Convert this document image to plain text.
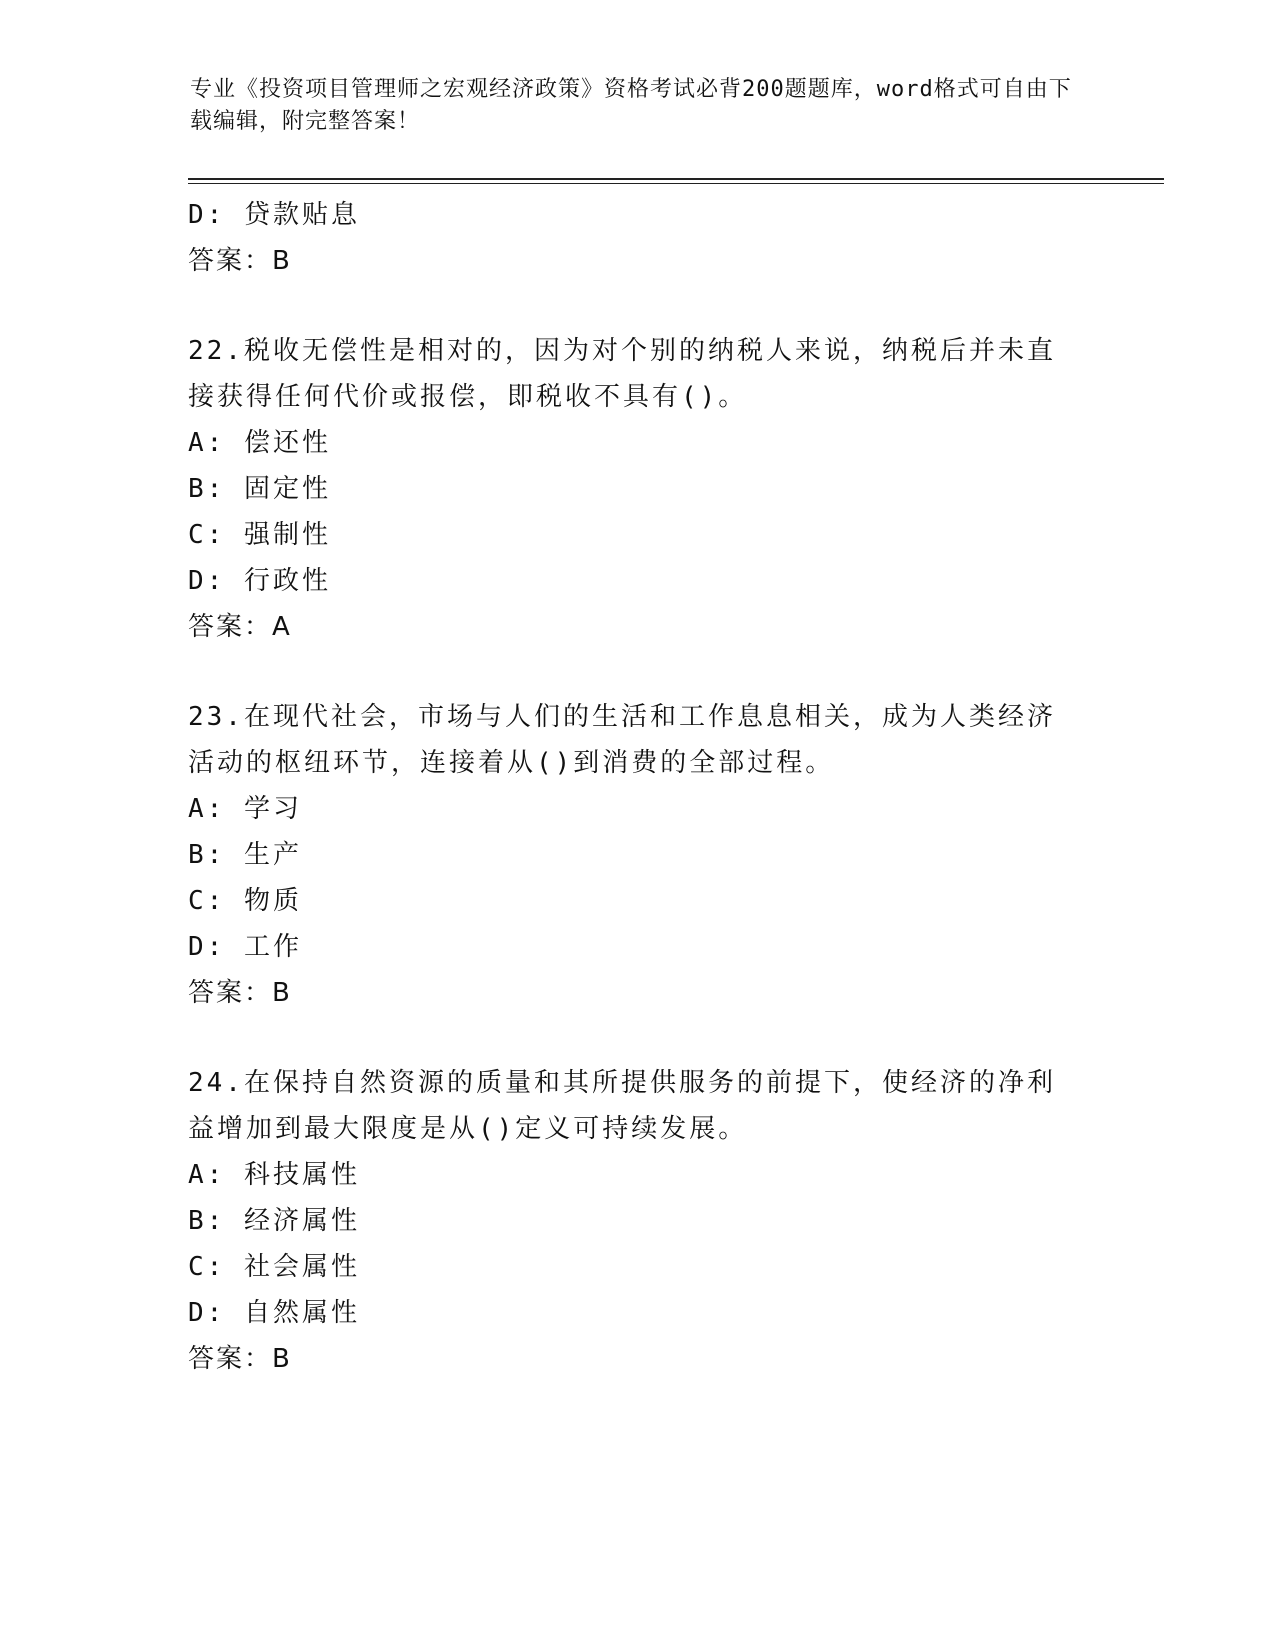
专业《投资项目管理师之宏观经济政策》资格考试必背200题题库，word格式可自由下载编辑，附完整答案！
D: 贷款贴息
答案：B
22.税收无偿性是相对的，因为对个别的纳税人来说，纳税后并未直接获得任何代价或报偿，即税收不具有()。
A: 偿还性
B: 固定性
C: 强制性
D: 行政性
答案：A
23.在现代社会，市场与人们的生活和工作息息相关，成为人类经济活动的枢纽环节，连接着从()到消费的全部过程。
A: 学习
B: 生产
C: 物质
D: 工作
答案：B
24.在保持自然资源的质量和其所提供服务的前提下，使经济的净利益增加到最大限度是从()定义可持续发展。
A: 科技属性
B: 经济属性
C: 社会属性
D: 自然属性
答案：B
